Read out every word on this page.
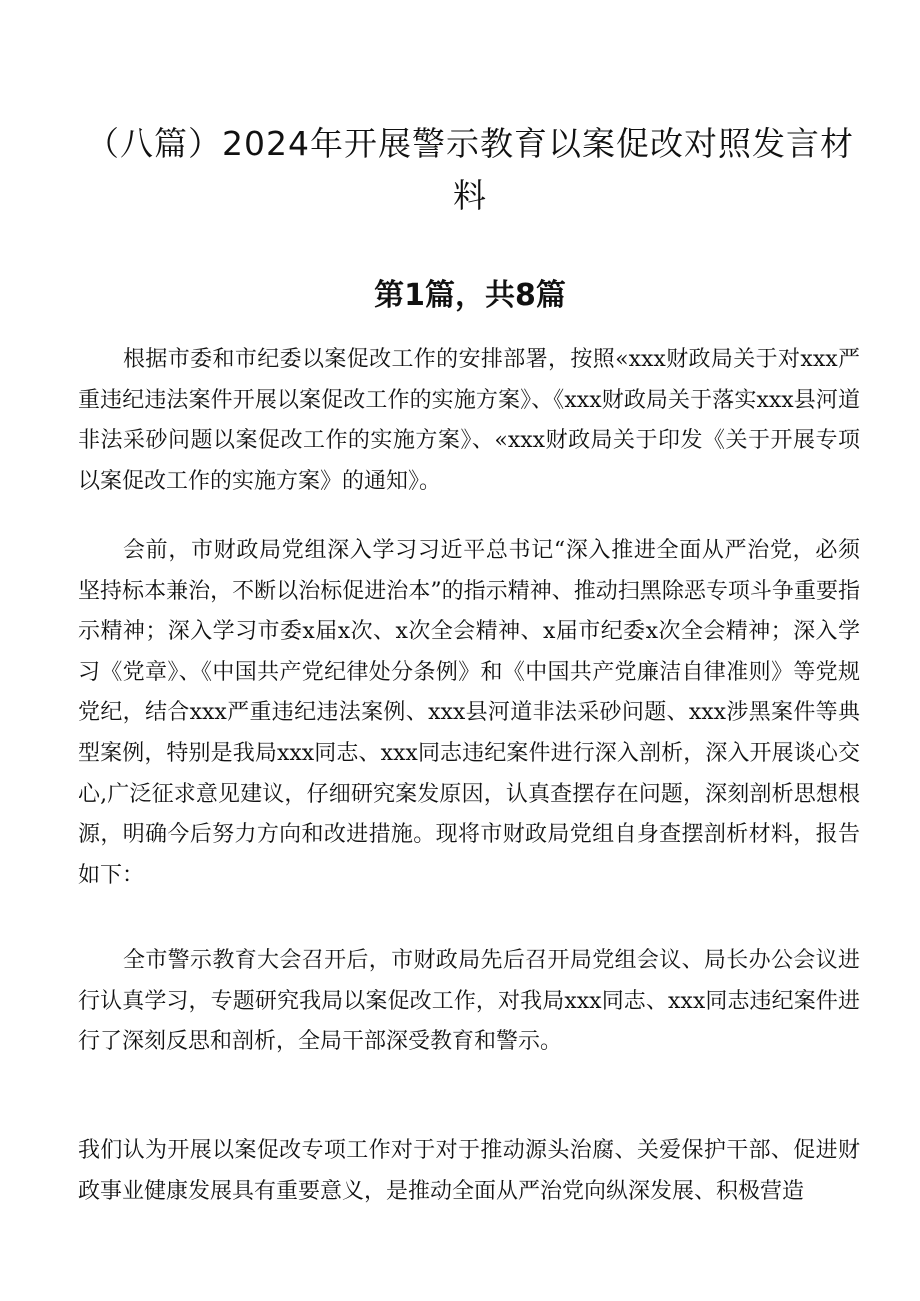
（八篇）2024年开展警示教育以案促改对照发言材料
第1篇，共8篇

根据市委和市纪委以案促改工作的安排部署，按照«xxx财政局关于对xxx严重违纪违法案件开展以案促改工作的实施方案》、《xxx财政局关于落实xxx县河道非法采砂问题以案促改工作的实施方案》、«xxx财政局关于印发《关于开展专项以案促改工作的实施方案》的通知》。

会前，市财政局党组深入学习习近平总书记“深入推进全面从严治党，必须坚持标本兼治，不断以治标促进治本”的指示精神、推动扫黑除恶专项斗争重要指示精神；深入学习市委x届x次、x次全会精神、x届市纪委x次全会精神；深入学习《党章》、《中国共产党纪律处分条例》和《中国共产党廉洁自律准则》等党规党纪，结合xxx严重违纪违法案例、xxx县河道非法采砂问题、xxx涉黑案件等典型案例，特别是我局xxx同志、xxx同志违纪案件进行深入剖析，深入开展谈心交心,广泛征求意见建议，仔细研究案发原因，认真查摆存在问题，深刻剖析思想根源，明确今后努力方向和改进措施。现将市财政局党组自身查摆剖析材料，报告如下：

全市警示教育大会召开后，市财政局先后召开局党组会议、局长办公会议进行认真学习，专题研究我局以案促改工作，对我局xxx同志、xxx同志违纪案件进行了深刻反思和剖析，全局干部深受教育和警示。

我们认为开展以案促改专项工作对于对于推动源头治腐、关爱保护干部、促进财政事业健康发展具有重要意义，是推动全面从严治党向纵深发展、积极营造
